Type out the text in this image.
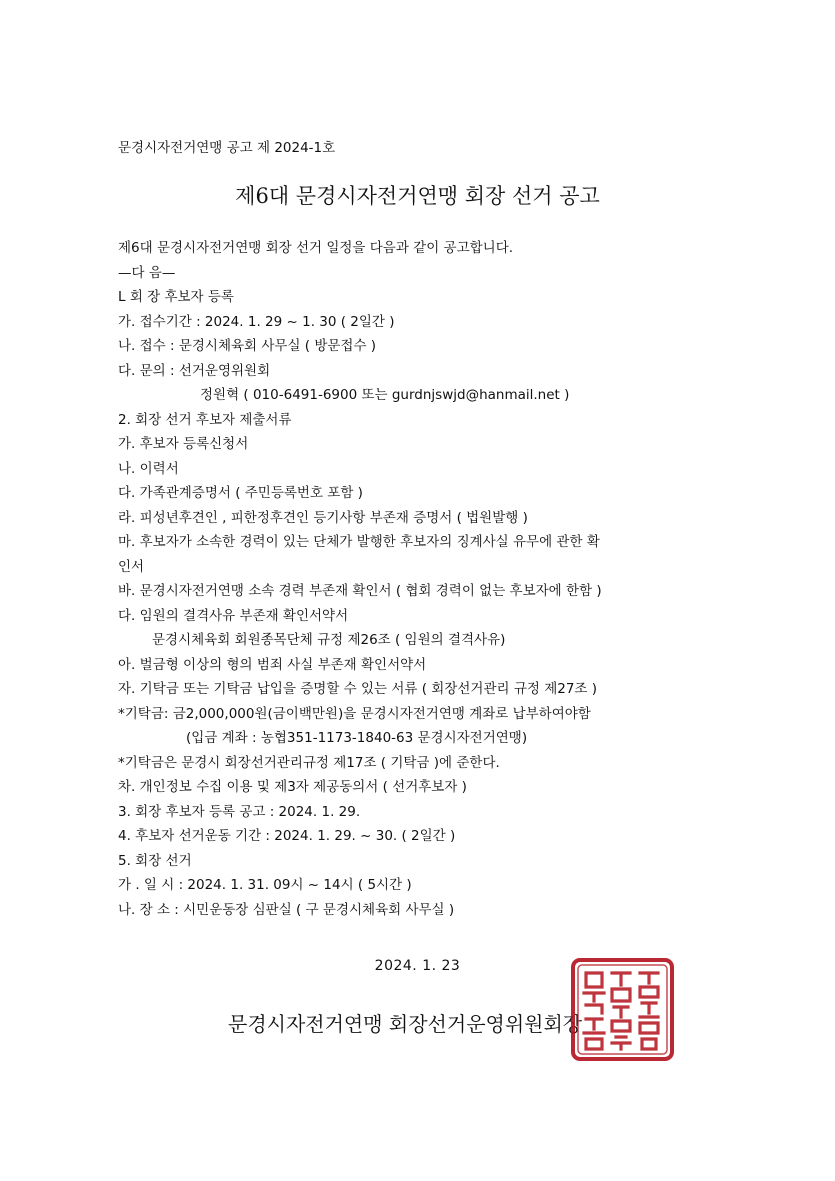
문경시자전거연맹 공고 제 2024-1호
제6대 문경시자전거연맹 회장 선거 공고
제6대 문경시자전거연맹 회장 선거 일정을 다음과 같이 공고합니다.
—다 음—
L 회 장 후보자 등록
가. 접수기간 : 2024. 1. 29 ~ 1. 30 ( 2일간 )
나. 접수 : 문경시체육회 사무실 ( 방문접수 )
다. 문의 : 선거운영위원회
정원혁 ( 010-6491-6900 또는 gurdnjswjd@hanmail.net )
2. 회장 선거 후보자 제출서류
가. 후보자 등록신청서
나. 이력서
다. 가족관계증명서 ( 주민등록번호 포함 )
라. 피성년후견인 , 피한정후견인 등기사항 부존재 증명서 ( 법원발행 )
마. 후보자가 소속한 경력이 있는 단체가 발행한 후보자의 징계사실 유무에 관한 확
인서
바. 문경시자전거연맹 소속 경력 부존재 확인서 ( 협회 경력이 없는 후보자에 한함 )
다. 임원의 결격사유 부존재 확인서약서
문경시체육회 회원종목단체 규정 제26조 ( 임원의 결격사유)
아. 벌금형 이상의 형의 범죄 사실 부존재 확인서약서
자. 기탁금 또는 기탁금 납입을 증명할 수 있는 서류 ( 회장선거관리 규정 제27조 )
*기탁금: 금2,000,000원(금이백만원)을 문경시자전거연맹 계좌로 납부하여야함
(입금 계좌 : 농협351-1173-1840-63 문경시자전거연맹)
*기탁금은 문경시 회장선거관리규정 제17조 ( 기탁금 )에 준한다.
차. 개인정보 수집 이용 및 제3자 제공동의서 ( 선거후보자 )
3. 회장 후보자 등록 공고 : 2024. 1. 29.
4. 후보자 선거운동 기간 : 2024. 1. 29. ~ 30. ( 2일간 )
5. 회장 선거
가 . 일 시 : 2024. 1. 31. 09시 ~ 14시 ( 5시간 )
나. 장 소 : 시민운동장 심판실 ( 구 문경시체육회 사무실 )
2024. 1. 23
문경시자전거연맹 회장선거운영위원회장
